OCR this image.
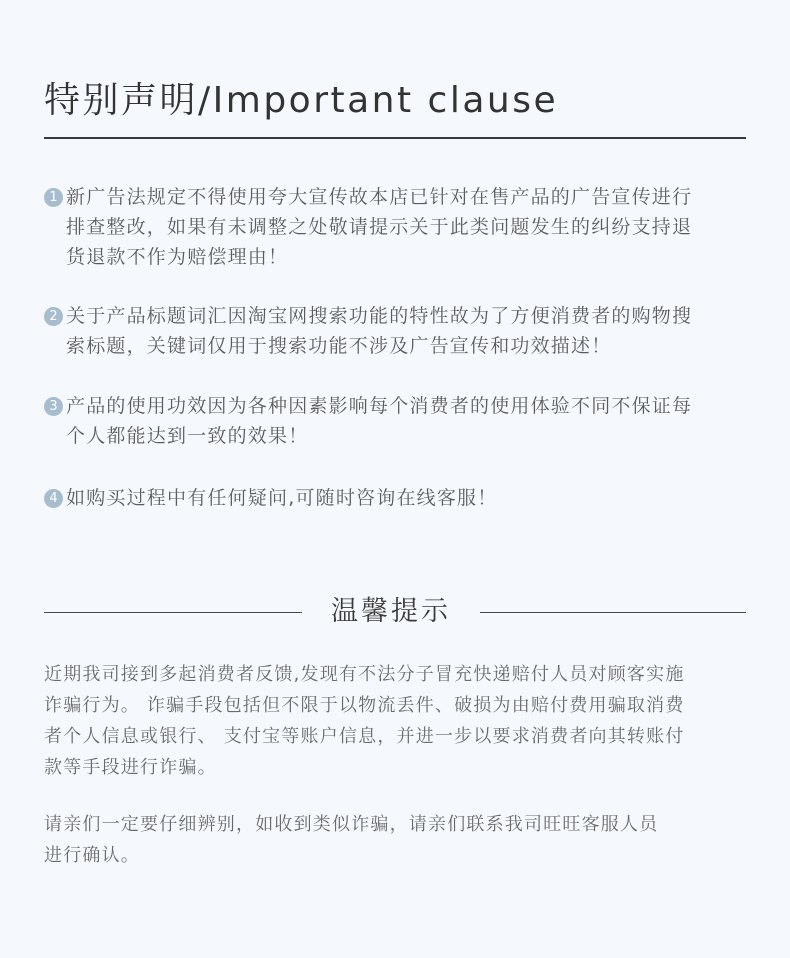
特别声明/Important clause
1 新广告法规定不得使用夸大宣传故本店已针对在售产品的广告宣传进行
排查整改，如果有未调整之处敬请提示关于此类问题发生的纠纷支持退
货退款不作为赔偿理由！
2 关于产品标题词汇因淘宝网搜索功能的特性故为了方便消费者的购物搜
索标题，关键词仅用于搜索功能不涉及广告宣传和功效描述！
3 产品的使用功效因为各种因素影响每个消费者的使用体验不同不保证每
个人都能达到一致的效果！
4 如购买过程中有任何疑问,可随时咨询在线客服！
温馨提示
近期我司接到多起消费者反馈,发现有不法分子冒充快递赔付人员对顾客实施
诈骗行为。 诈骗手段包括但不限于以物流丢件、破损为由赔付费用骗取消费
者个人信息或银行、 支付宝等账户信息，并进一步以要求消费者向其转账付
款等手段进行诈骗。
请亲们一定要仔细辨别，如收到类似诈骗，请亲们联系我司旺旺客服人员
进行确认。
